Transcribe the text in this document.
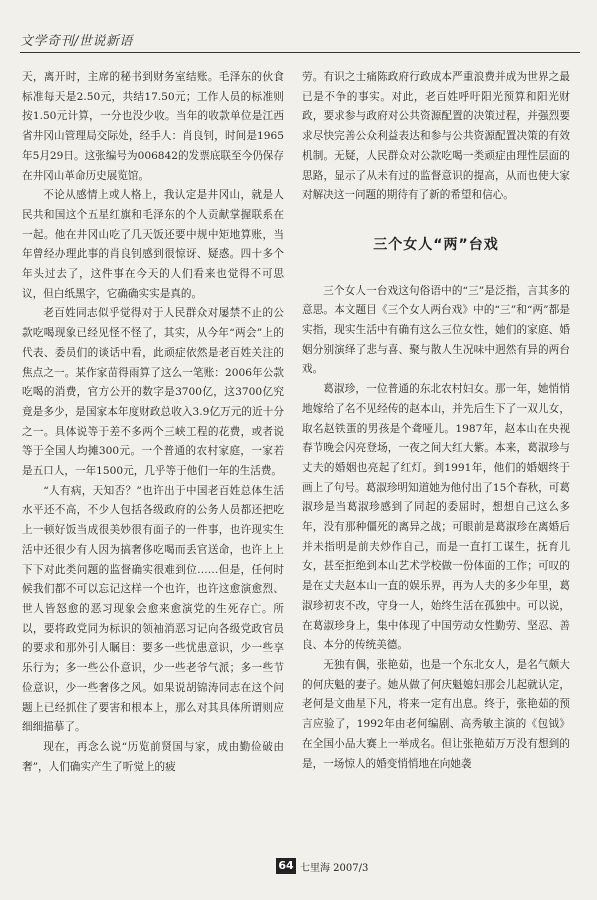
文学奇刊/世说新语

天，离开时，主席的秘书到财务室结账。毛泽东的伙食标准每天是2.50元，共结17.50元；工作人员的标准则按1.50元计算，一分也没少收。当年的收款单位是江西省井冈山管理局交际处，经手人：肖良钊，时间是1965年5月29日。这张编号为006842的发票底联至今仍保存在井冈山革命历史展览馆。

不论从感情上或人格上，我认定是井冈山，就是人民共和国这个五星红旗和毛泽东的个人贡献掌握联系在一起。他在井冈山吃了几天饭还要中规中矩地算账，当年曾经办理此事的肖良钊感到很惊讶、疑惑。四十多个年头过去了，这件事在今天的人们看来也觉得不可思议，但白纸黑字，它确确实实是真的。

老百姓同志似乎觉得对于人民群众对屡禁不止的公款吃喝现象已经见怪不怪了，其实，从今年“两会”上的代表、委员们的谈话中看，此顽症依然是老百姓关注的焦点之一。某作家苗得雨算了这么一笔账：2006年公款吃喝的消费，官方公开的数字是3700亿，这3700亿究竟是多少，是国家本年度财政总收入3.9亿万元的近十分之一。具体说等于差不多两个三峡工程的花费，或者说等于全国人均摊300元。一个普通的农村家庭，一家若是五口人，一年1500元，几乎等于他们一年的生活费。

“人有病，天知否？”也许出于中国老百姓总体生活水平还不高，不少人包括各级政府的公务人员都还把吃上一顿好饭当成很美妙很有面子的一件事，也许现实生活中还很少有人因为搞奢侈吃喝而丢官送命，也许上上下下对此类问题的监督确实很难到位……但是，任何时候我们都不可以忘记这样一个也许，也许这愈演愈烈、世人皆怒愈的恶习现象会愈来愈演党的生死存亡。所以，要将政党同为标识的领袖消恶习记向各级党政官员的要求和那外引人瞩目：要多一些忧患意识，少一些享乐行为；多一些公仆意识，少一些老爷气派；多一些节俭意识，少一些奢侈之风。如果说胡锦涛同志在这个问题上已经抓住了要害和根本上，那么对其具体所谓则应细细描摹了。

现在，再念么说“历览前贤国与家，成由勤俭破由奢”，人们确实产生了听觉上的疲

劳。有识之士痛陈政府行政成本严重浪费并成为世界之最已是不争的事实。对此，老百姓呼吁阳光预算和阳光财政，要求参与政府对公共资源配置的决策过程，并强烈要求尽快完善公众利益表达和参与公共资源配置决策的有效机制。无疑，人民群众对公款吃喝一类顽症由理性层面的思路，显示了从未有过的监督意识的提高，从而也使大家对解决这一问题的期待有了新的希望和信心。

三个女人“两”台戏

三个女人一台戏这句俗语中的“三”是泛指，言其多的意思。本文题目《三个女人两台戏》中的“三”和“两”都是实指，现实生活中有确有这么三位女性，她们的家庭、婚姻分别演绎了悲与喜、聚与散人生况味中迥然有异的两台戏。

葛淑珍，一位普通的东北农村妇女。那一年，她悄悄地嫁给了名不见经传的赵本山，并先后生下了一双儿女，取名赵铁蛋的男孩是个聋哑儿。1987年，赵本山在央视春节晚会闪亮登场，一夜之间大红大紫。本来，葛淑珍与丈夫的婚姻也亮起了红灯。到1991年，他们的婚姻终于画上了句号。葛淑珍明知道她为他付出了15个春秋，可葛淑珍是当葛淑珍感到了同起的委屈时，想想自己这么多年，没有那种僵死的离异之战；可眼前是葛淑珍在离婚后并未指明是前夫炒作自己，而是一直打工谋生，抚育儿女，甚至拒绝到本山艺术学校做一份体面的工作；可叹的是在丈夫赵本山一直的娱乐界，再为人夫的多少年里，葛淑珍初衷不改，守身一人，始终生活在孤独中。可以说，在葛淑珍身上，集中体现了中国劳动女性勤劳、坚忍、善良、本分的传统美德。

无独有偶，张艳茹，也是一个东北女人，是名气颇大的何庆魁的妻子。她从做了何庆魁媳妇那会儿起就认定，老何是文曲星下凡，将来一定有出息。终于，张艳茹的预言应验了，1992年由老何编剧、高秀敏主演的《包钺》在全国小品大赛上一举成名。但让张艳茹万万没有想到的是，一场惊人的婚变悄悄地在向她袭

64 七里海 2007/3
